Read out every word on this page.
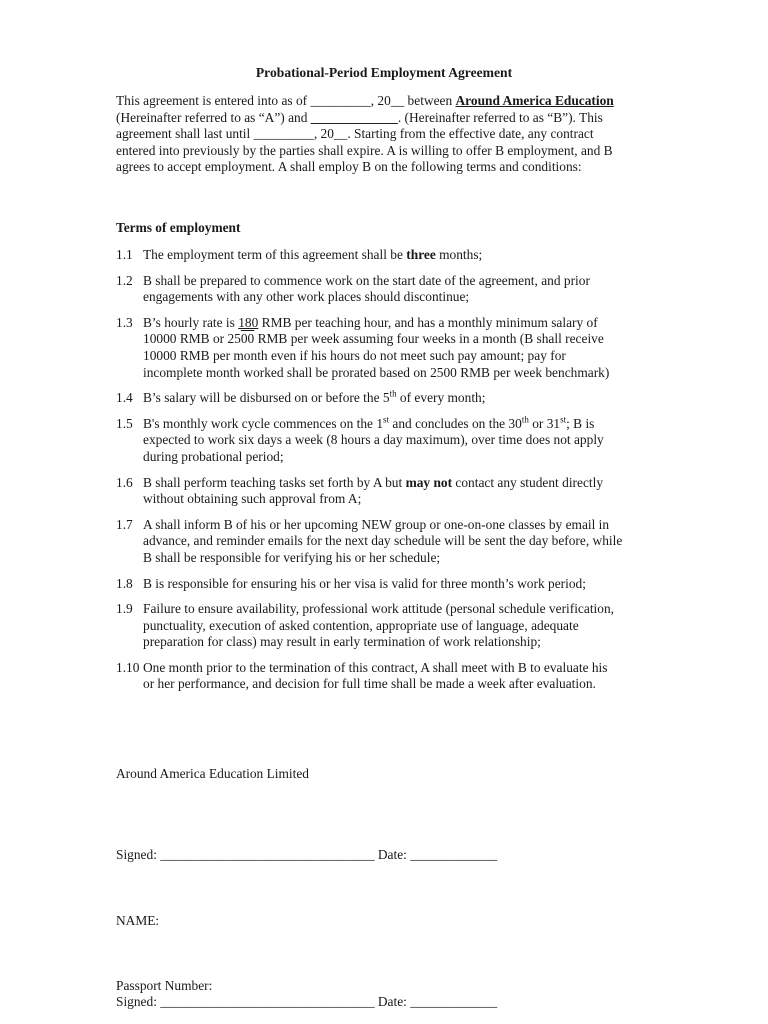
Probational-Period Employment Agreement

This agreement is entered into as of _________, 20__ between Around America Education

(Hereinafter referred to as “A”) and _____________. (Hereinafter referred to as “B”). This

agreement shall last until _________, 20__. Starting from the effective date, any contract

entered into previously by the parties shall expire. A is willing to offer B employment, and B

agrees to accept employment. A shall employ B on the following terms and conditions:

Terms of employment
1.1 The employment term of this agreement shall be three months;

1.2 B shall be prepared to commence work on the start date of the agreement, and prior

engagements with any other work places should discontinue;

1.3 B’s hourly rate is 180 RMB per teaching hour, and has a monthly minimum salary of

10000 RMB or 2500 RMB per week assuming four weeks in a month (B shall receive

10000 RMB per month even if his hours do not meet such pay amount; pay for

incomplete month worked shall be prorated based on 2500 RMB per week benchmark)

1.4 B’s salary will be disbursed on or before the 5th of every month;

1.5 B's monthly work cycle commences on the 1st and concludes on the 30th or 31st; B is

expected to work six days a week (8 hours a day maximum), over time does not apply

during probational period;

1.6 B shall perform teaching tasks set forth by A but may not contact any student directly

without obtaining such approval from A;

1.7 A shall inform B of his or her upcoming NEW group or one-on-one classes by email in

advance, and reminder emails for the next day schedule will be sent the day before, while

B shall be responsible for verifying his or her schedule;

1.8 B is responsible for ensuring his or her visa is valid for three month’s work period;

1.9 Failure to ensure availability, professional work attitude (personal schedule verification,

punctuality, execution of asked contention, appropriate use of language, adequate

preparation for class) may result in early termination of work relationship;

1.10 One month prior to the termination of this contract, A shall meet with B to evaluate his

or her performance, and decision for full time shall be made a week after evaluation.

Around America Education Limited
Signed: ________________________________ Date: _____________
NAME:
Passport Number:
Signed: ________________________________ Date: _____________
